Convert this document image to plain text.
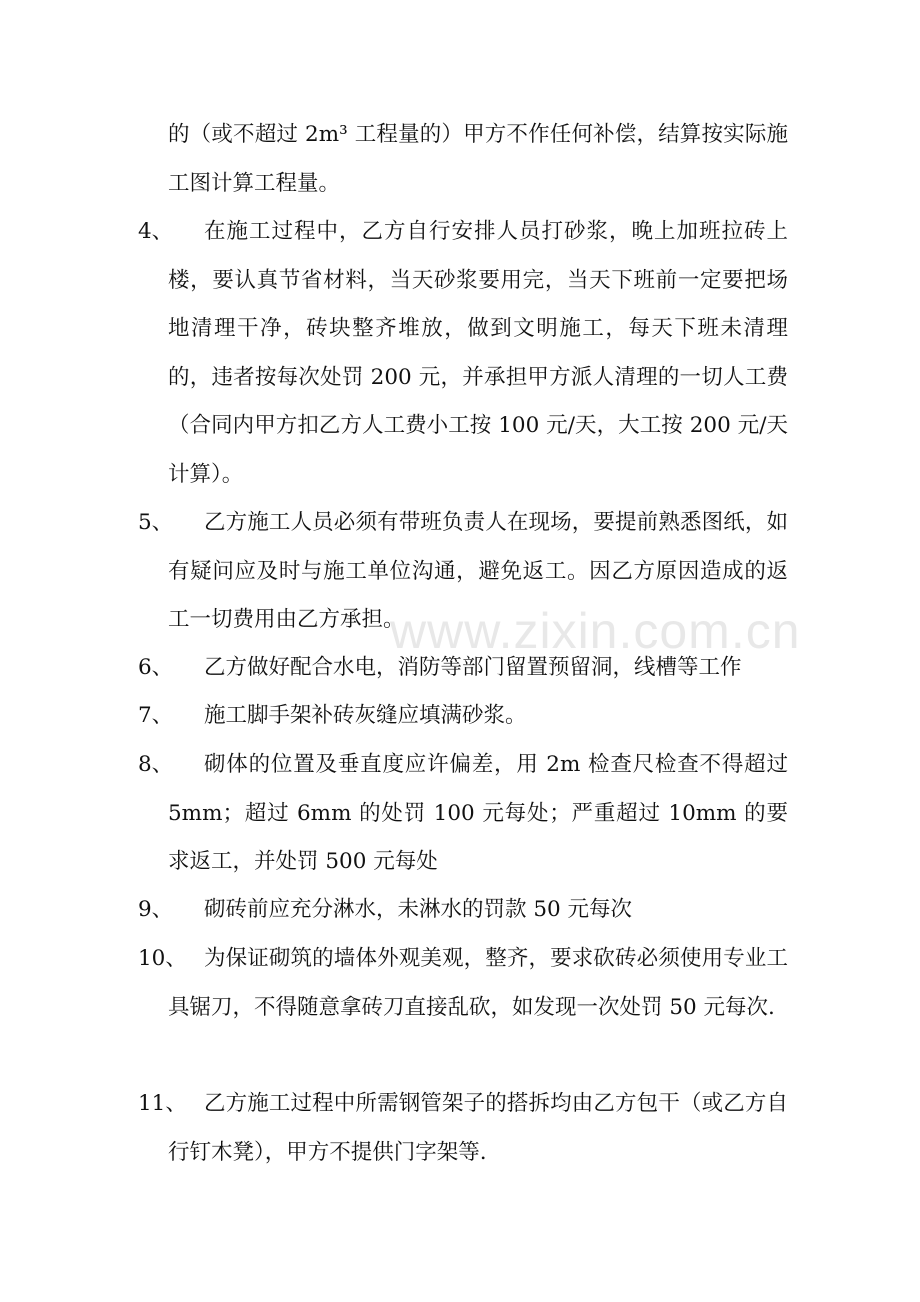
的（或不超过 2m³ 工程量的）甲方不作任何补偿，结算按实际施工图计算工程量。
4、	在施工过程中，乙方自行安排人员打砂浆，晚上加班拉砖上楼，要认真节省材料，当天砂浆要用完，当天下班前一定要把场地清理干净，砖块整齐堆放，做到文明施工，每天下班未清理的，违者按每次处罚 200 元，并承担甲方派人清理的一切人工费（合同内甲方扣乙方人工费小工按 100 元/天，大工按 200 元/天计算）。
5、	乙方施工人员必须有带班负责人在现场，要提前熟悉图纸，如有疑问应及时与施工单位沟通，避免返工。因乙方原因造成的返工一切费用由乙方承担。
6、	乙方做好配合水电，消防等部门留置预留洞，线槽等工作
7、	施工脚手架补砖灰缝应填满砂浆。
8、	砌体的位置及垂直度应许偏差，用 2m 检查尺检查不得超过 5mm；超过 6mm 的处罚 100 元每处；严重超过 10mm 的要求返工，并处罚 500 元每处
9、	砌砖前应充分淋水，未淋水的罚款 50 元每次
10、 为保证砌筑的墙体外观美观，整齐，要求砍砖必须使用专业工具锯刀，不得随意拿砖刀直接乱砍，如发现一次处罚 50 元每次.
11、 乙方施工过程中所需钢管架子的搭拆均由乙方包干（或乙方自行钉木凳），甲方不提供门字架等.
www.zixin.com.cn
